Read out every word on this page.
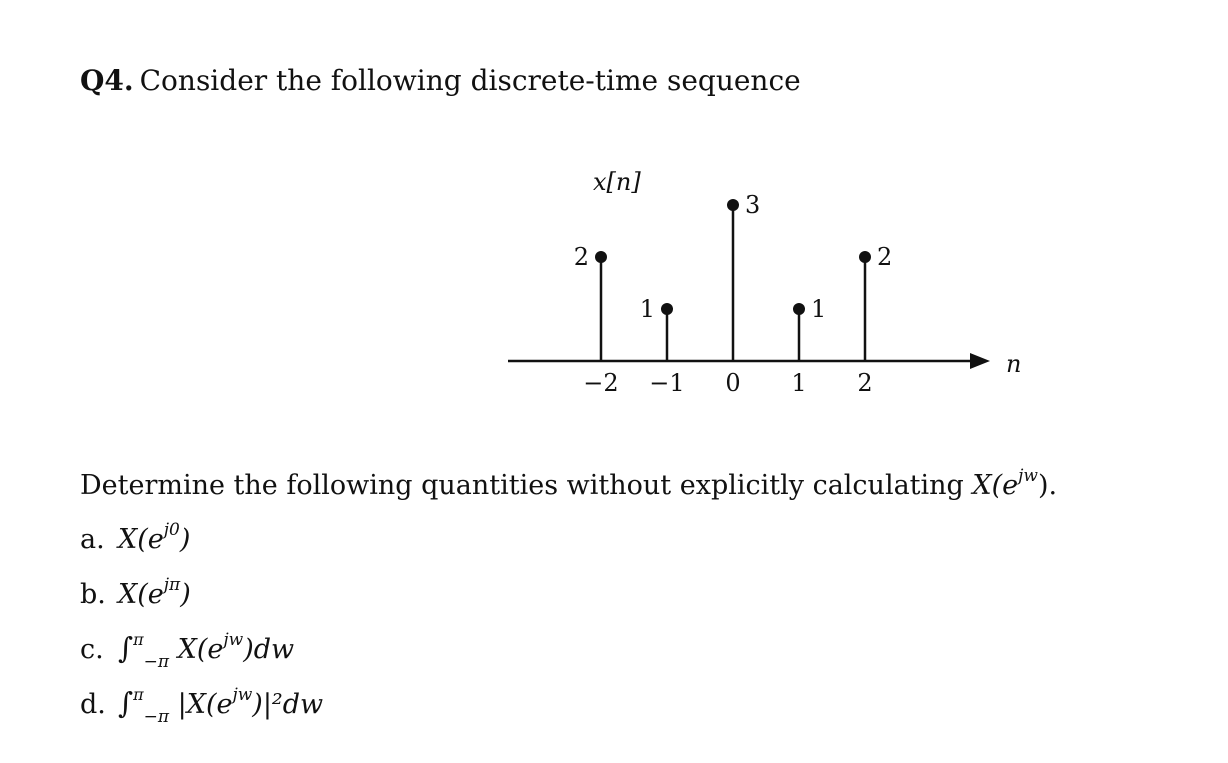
Q4. Consider the following discrete-time sequence
x[n]
n
−2
2
−1
1
0
3
1
1
2
2
Determine the following quantities without explicitly calculating $X(e^{jw})$.
a. $X(e^{j0})$
b. $X(e^{j\pi})$
c. ∫$^\pi_{-\pi}$ $X(e^{jw})dw$
d. ∫$^\pi_{-\pi}$ $|X(e^{jw})|^2dw$
